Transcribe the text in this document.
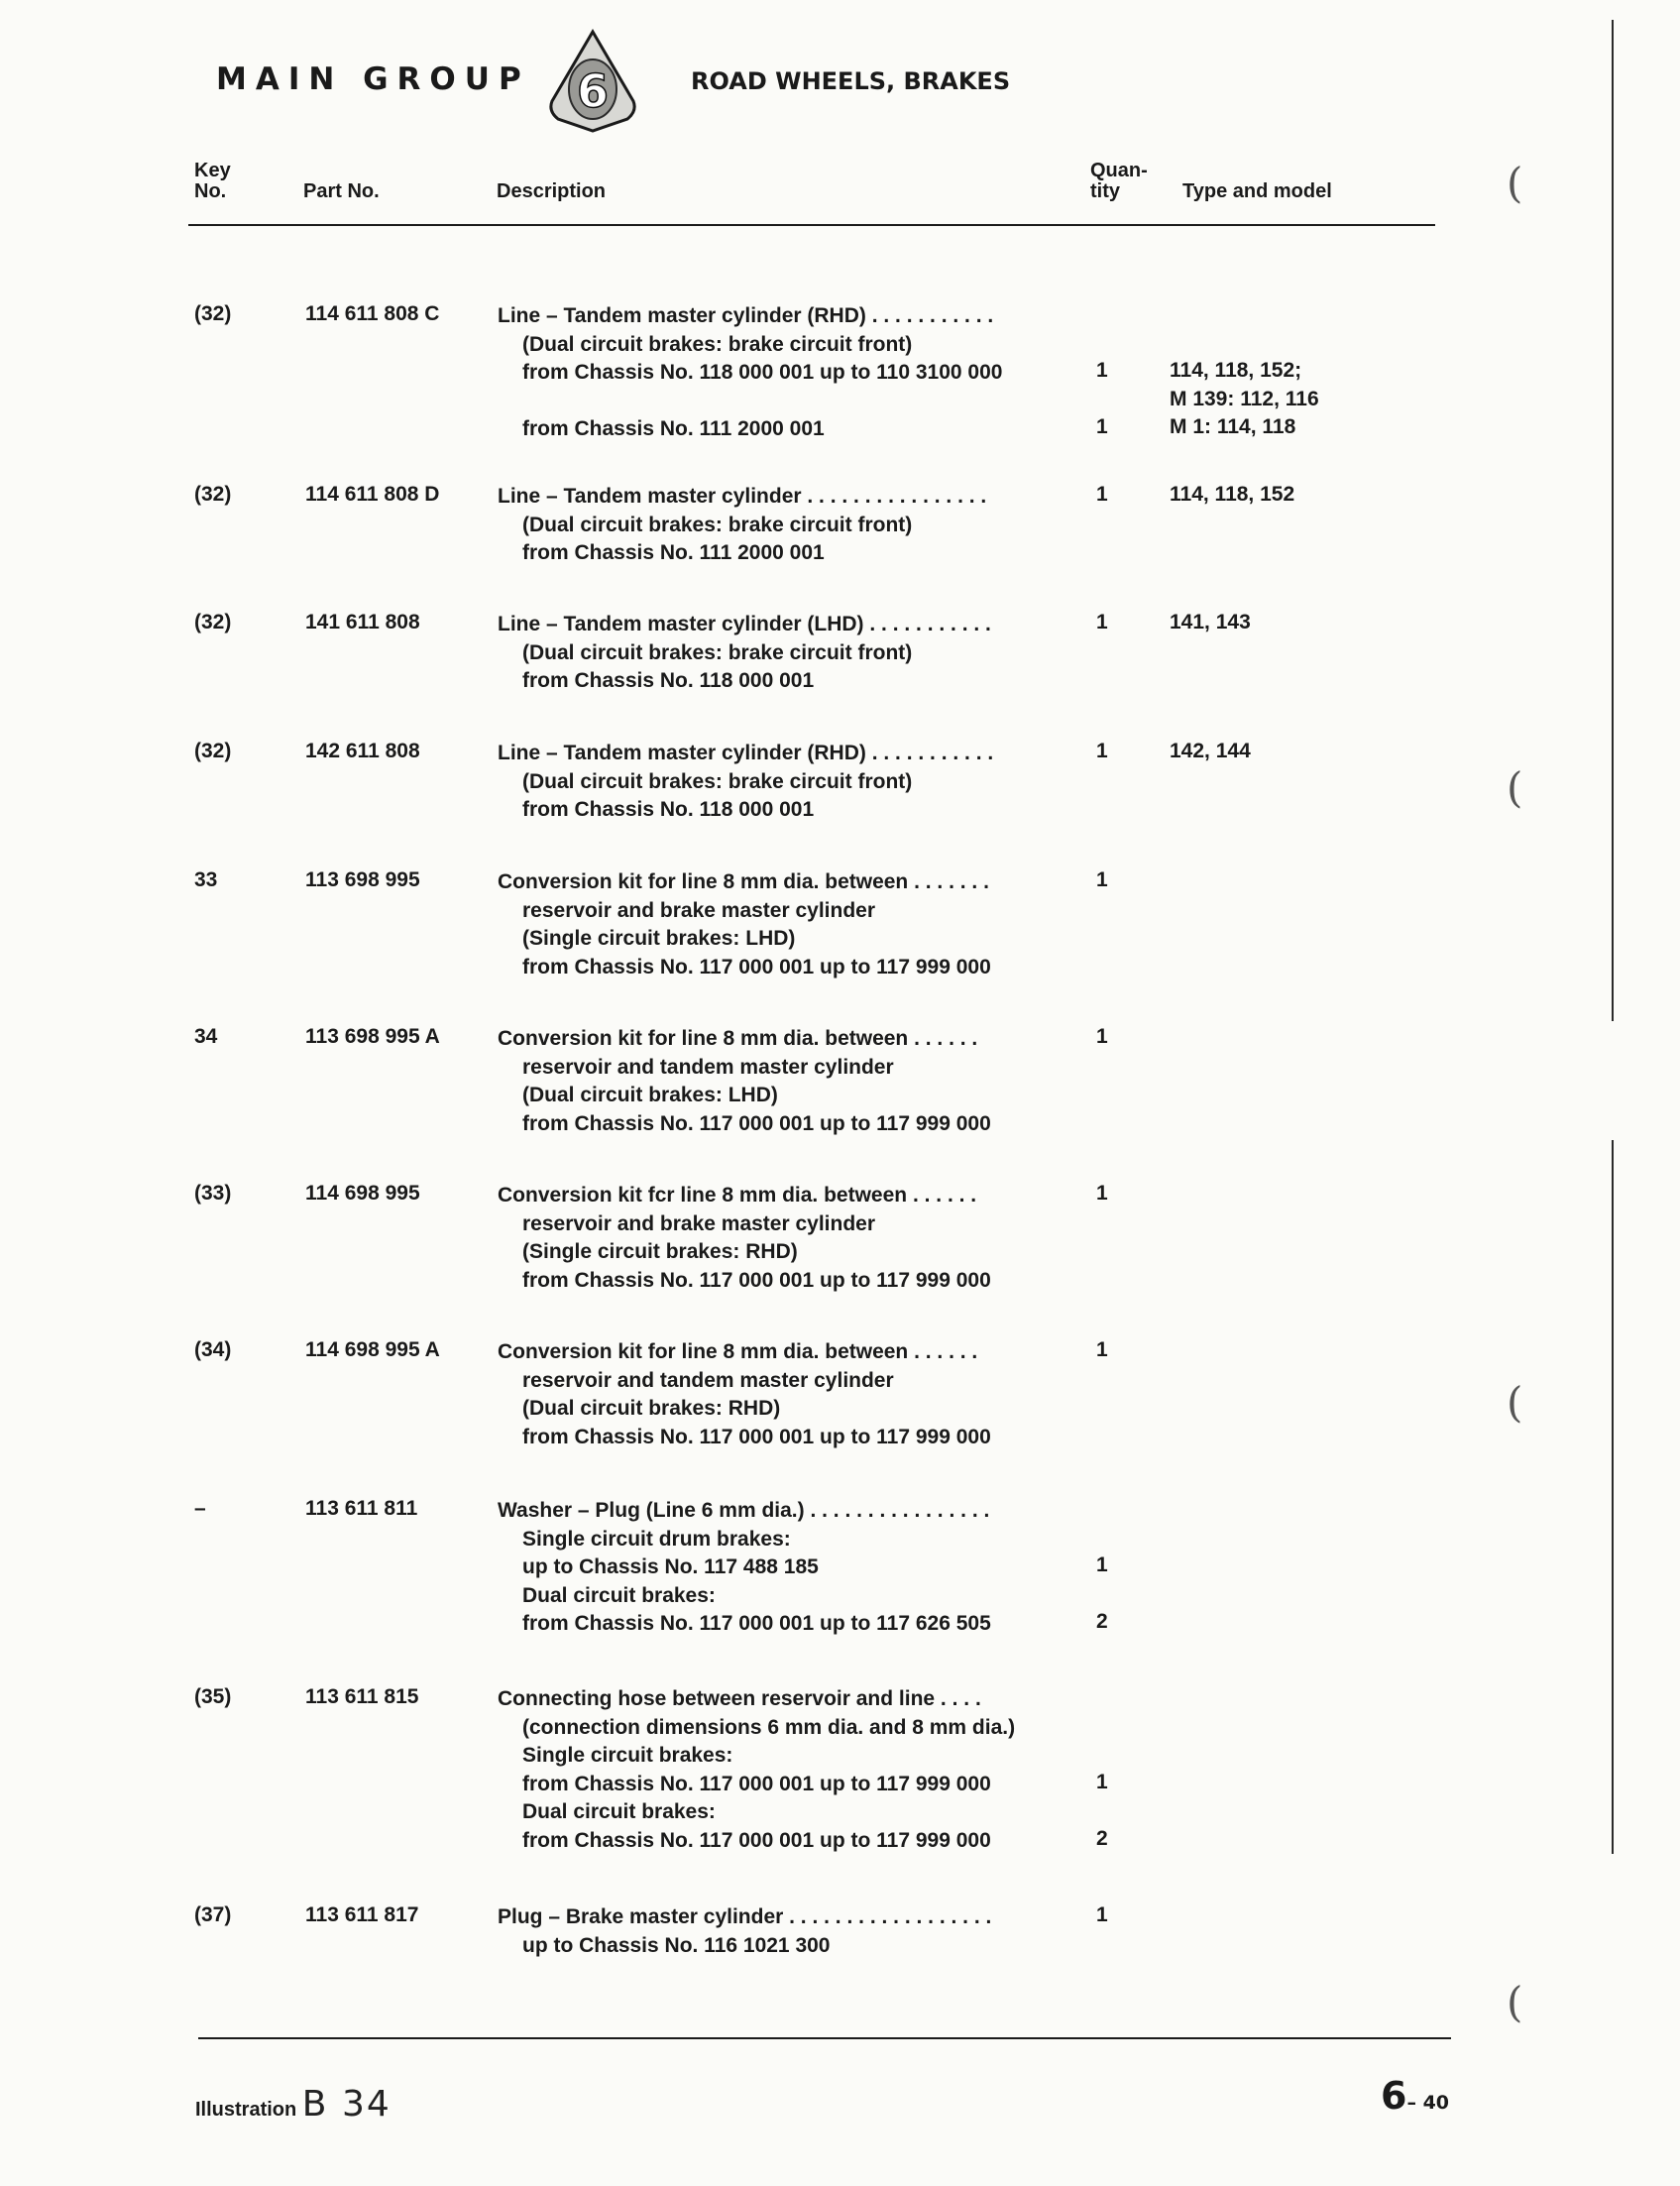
MAIN GROUP 6	ROAD WHEELS, BRAKES
Key
No.	Part No.	Description
Quan-
tity	Type and model
(32)	114 611 808 C	Line – Tandem master cylinder (RHD) . . . . . . . . . . .
(Dual circuit brakes: brake circuit front)
from Chassis No. 118 000 001 up to 110 3100 000	1	114, 118, 152;
M 139: 112, 116
from Chassis No. 111 2000 001	1	M 1: 114, 118
(32)	114 611 808 D	Line – Tandem master cylinder . . . . . . . . . . . . . . . .	1	114, 118, 152
(Dual circuit brakes: brake circuit front)
from Chassis No. 111 2000 001
(32)	141 611 808	Line – Tandem master cylinder (LHD) . . . . . . . . . . .	1	141, 143
(Dual circuit brakes: brake circuit front)
from Chassis No. 118 000 001
(32)	142 611 808	Line – Tandem master cylinder (RHD) . . . . . . . . . . .	1	142, 144
(Dual circuit brakes: brake circuit front)
from Chassis No. 118 000 001
33	113 698 995	Conversion kit for line 8 mm dia. between . . . . . . .	1
reservoir and brake master cylinder
(Single circuit brakes: LHD)
from Chassis No. 117 000 001 up to 117 999 000
34	113 698 995 A	Conversion kit for line 8 mm dia. between . . . . . .	1
reservoir and tandem master cylinder
(Dual circuit brakes: LHD)
from Chassis No. 117 000 001 up to 117 999 000
(33)	114 698 995	Conversion kit fcr line 8 mm dia. between . . . . . .	1
reservoir and brake master cylinder
(Single circuit brakes: RHD)
from Chassis No. 117 000 001 up to 117 999 000
(34)	114 698 995 A	Conversion kit for line 8 mm dia. between . . . . . .	1
reservoir and tandem master cylinder
(Dual circuit brakes: RHD)
from Chassis No. 117 000 001 up to 117 999 000
–	113 611 811	Washer – Plug (Line 6 mm dia.) . . . . . . . . . . . . . . . .
Single circuit drum brakes:
up to Chassis No. 117 488 185	1
Dual circuit brakes:
from Chassis No. 117 000 001 up to 117 626 505	2
(35)	113 611 815	Connecting hose between reservoir and line . . . .
(connection dimensions 6 mm dia. and 8 mm dia.)
Single circuit brakes:
from Chassis No. 117 000 001 up to 117 999 000	1
Dual circuit brakes:
from Chassis No. 117 000 001 up to 117 999 000	2
(37)	113 611 817	Plug – Brake master cylinder . . . . . . . . . . . . . . . . . .	1
up to Chassis No. 116 1021 300
Illustration B 34	6– 40
(
(
(
(
